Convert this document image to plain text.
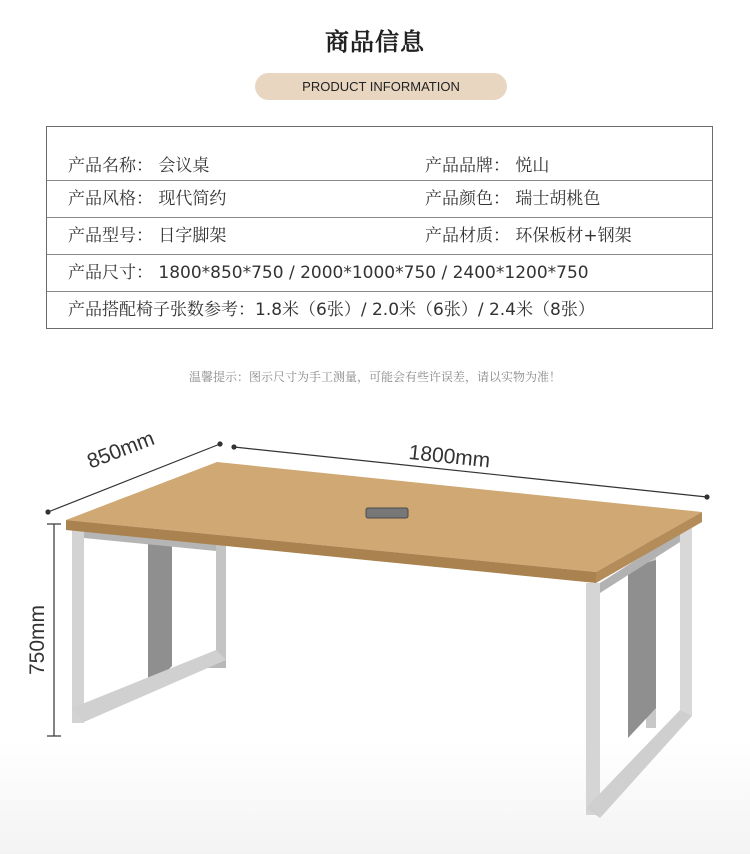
商品信息
PRODUCT INFORMATION
产品名称： 会议桌	产品品牌： 悦山
产品风格： 现代简约	产品颜色： 瑞士胡桃色
产品型号： 日字脚架	产品材质： 环保板材+钢架
产品尺寸： 1800*850*750 / 2000*1000*750 / 2400*1200*750
产品搭配椅子张数参考：1.8米（6张）/ 2.0米（6张）/ 2.4米（8张）
温馨提示：图示尺寸为手工测量，可能会有些许误差，请以实物为准！
850mm	1800mm
750mm
